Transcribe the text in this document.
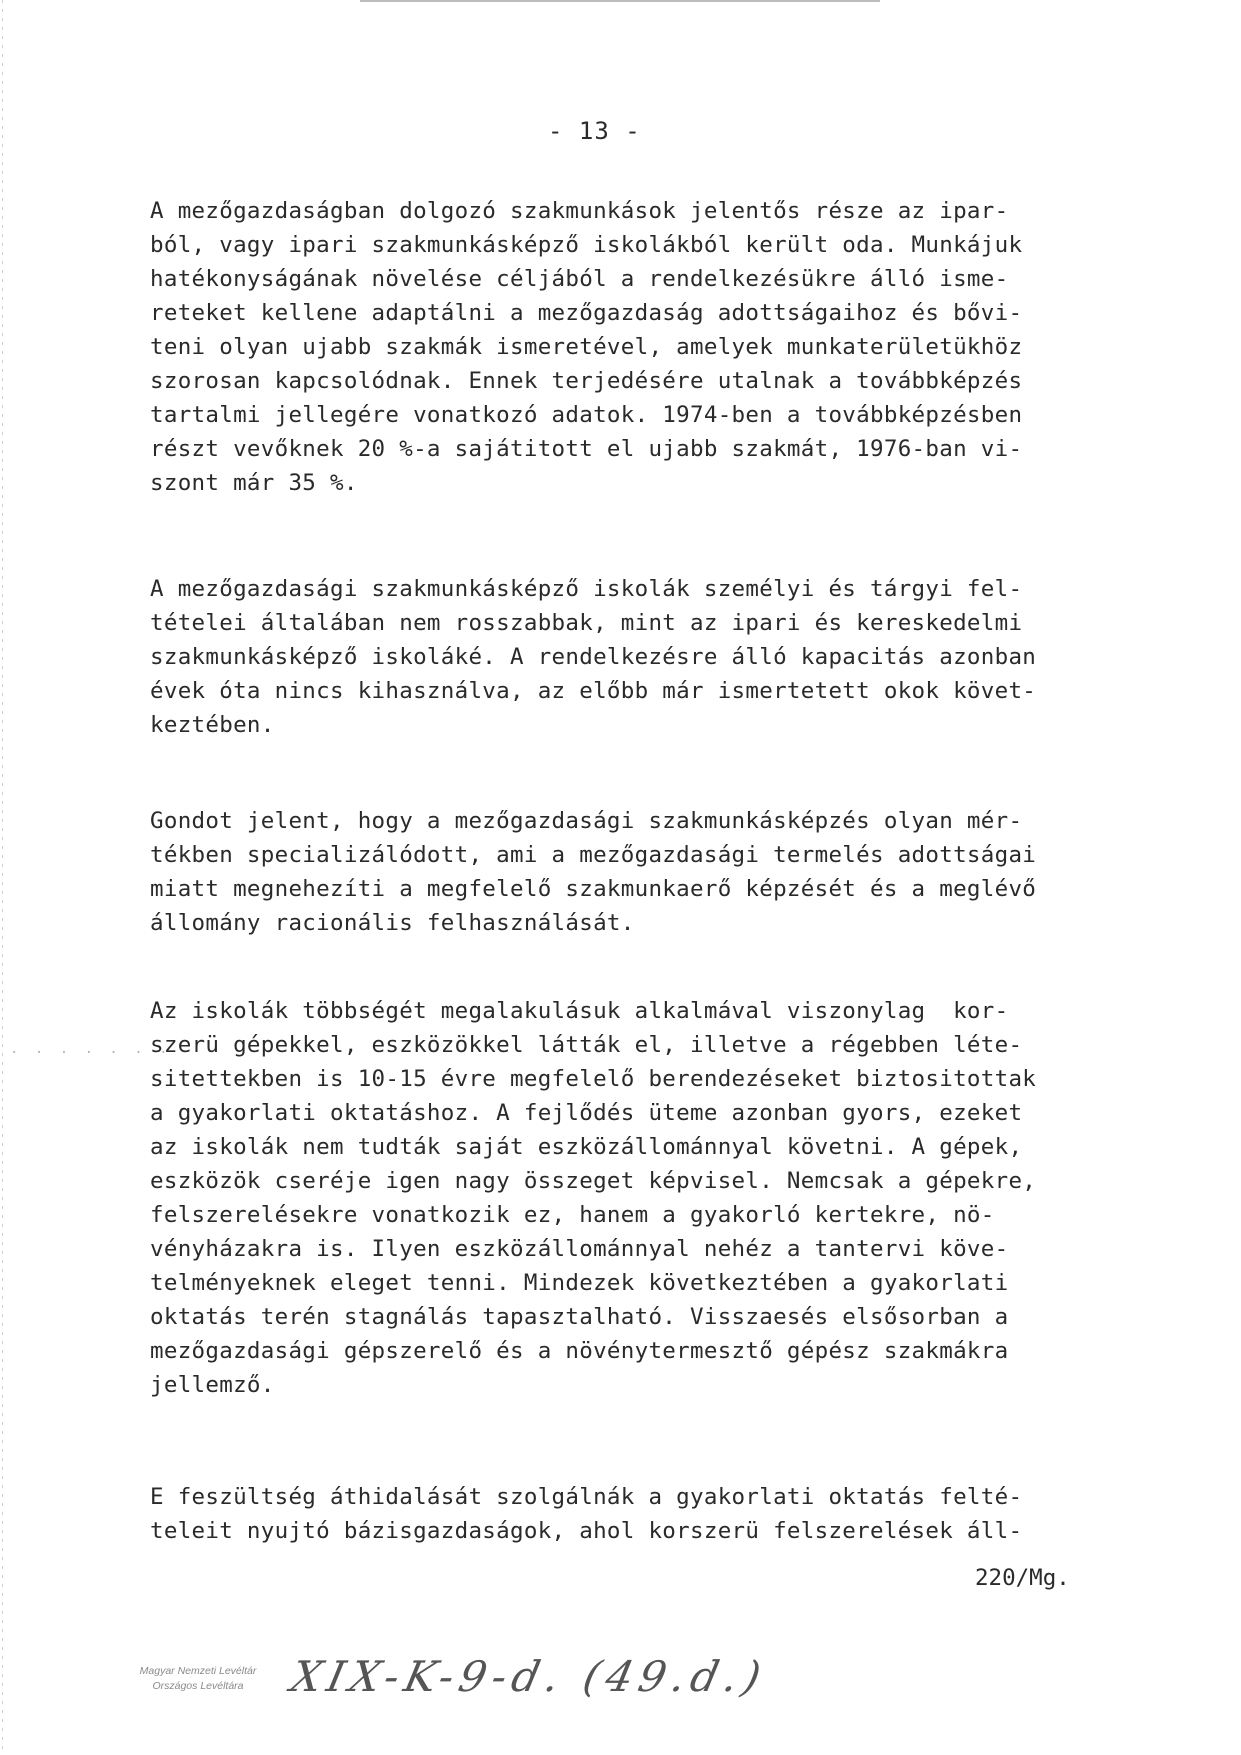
· · · · · · ·
- 13 -
A mezőgazdaságban dolgozó szakmunkások jelentős része az ipar-
ból, vagy ipari szakmunkásképző iskolákból került oda. Munkájuk
hatékonyságának növelése céljából a rendelkezésükre álló isme-
reteket kellene adaptálni a mezőgazdaság adottságaihoz és bővi-
teni olyan ujabb szakmák ismeretével, amelyek munkaterületükhöz
szorosan kapcsolódnak. Ennek terjedésére utalnak a továbbképzés
tartalmi jellegére vonatkozó adatok. 1974-ben a továbbképzésben
részt vevőknek 20 %-a sajátitott el ujabb szakmát, 1976-ban vi-
szont már 35 %.
A mezőgazdasági szakmunkásképző iskolák személyi és tárgyi fel-
tételei általában nem rosszabbak, mint az ipari és kereskedelmi
szakmunkásképző iskoláké. A rendelkezésre álló kapacitás azonban
évek óta nincs kihasználva, az előbb már ismertetett okok követ-
keztében.
Gondot jelent, hogy a mezőgazdasági szakmunkásképzés olyan mér-
tékben specializálódott, ami a mezőgazdasági termelés adottságai
miatt megnehezíti a megfelelő szakmunkaerő képzését és a meglévő
állomány racionális felhasználását.
Az iskolák többségét megalakulásuk alkalmával viszonylag  kor-
szerü gépekkel, eszközökkel látták el, illetve a régebben léte-
sitettekben is 10-15 évre megfelelő berendezéseket biztositottak
a gyakorlati oktatáshoz. A fejlődés üteme azonban gyors, ezeket
az iskolák nem tudták saját eszközállománnyal követni. A gépek,
eszközök cseréje igen nagy összeget képvisel. Nemcsak a gépekre,
felszerelésekre vonatkozik ez, hanem a gyakorló kertekre, nö-
vényházakra is. Ilyen eszközállománnyal nehéz a tantervi köve-
telményeknek eleget tenni. Mindezek következtében a gyakorlati
oktatás terén stagnálás tapasztalható. Visszaesés elsősorban a
mezőgazdasági gépszerelő és a növénytermesztő gépész szakmákra
jellemző.
E feszültség áthidalását szolgálnák a gyakorlati oktatás felté-
teleit nyujtó bázisgazdaságok, ahol korszerü felszerelések áll-
220/Mg.
Magyar Nemzeti Levéltár
Országos Levéltára	XIX-K-9-d. (49.d.)
